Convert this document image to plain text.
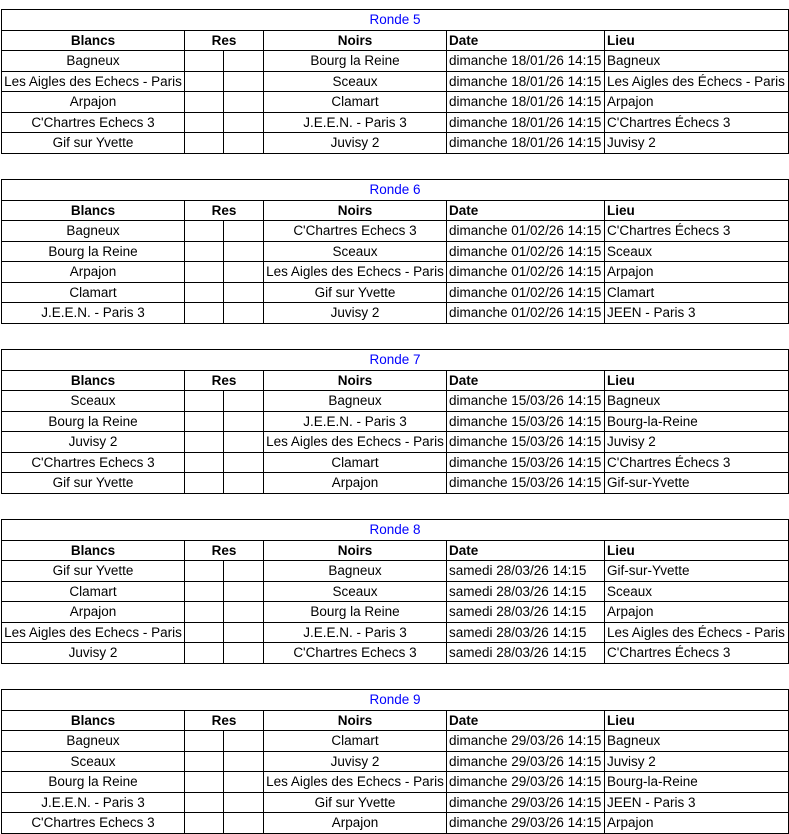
Ronde 5					
Blancs	Res		Noirs	Date	Lieu
Bagneux			Bourg la Reine	dimanche 18/01/26 14:15	Bagneux
Les Aigles des Echecs - Paris			Sceaux	dimanche 18/01/26 14:15	Les Aigles des Échecs - Paris
Arpajon			Clamart	dimanche 18/01/26 14:15	Arpajon
C'Chartres Echecs 3			J.E.E.N. - Paris 3	dimanche 18/01/26 14:15	C'Chartres Échecs 3
Gif sur Yvette			Juvisy 2	dimanche 18/01/26 14:15	Juvisy 2
Ronde 6					
Blancs	Res		Noirs	Date	Lieu
Bagneux			C'Chartres Echecs 3	dimanche 01/02/26 14:15	C'Chartres Échecs 3
Bourg la Reine			Sceaux	dimanche 01/02/26 14:15	Sceaux
Arpajon			Les Aigles des Echecs - Paris	dimanche 01/02/26 14:15	Arpajon
Clamart			Gif sur Yvette	dimanche 01/02/26 14:15	Clamart
J.E.E.N. - Paris 3			Juvisy 2	dimanche 01/02/26 14:15	JEEN - Paris 3
Ronde 7					
Blancs	Res		Noirs	Date	Lieu
Sceaux			Bagneux	dimanche 15/03/26 14:15	Bagneux
Bourg la Reine			J.E.E.N. - Paris 3	dimanche 15/03/26 14:15	Bourg-la-Reine
Juvisy 2			Les Aigles des Echecs - Paris	dimanche 15/03/26 14:15	Juvisy 2
C'Chartres Echecs 3			Clamart	dimanche 15/03/26 14:15	C'Chartres Échecs 3
Gif sur Yvette			Arpajon	dimanche 15/03/26 14:15	Gif-sur-Yvette
Ronde 8					
Blancs	Res		Noirs	Date	Lieu
Gif sur Yvette			Bagneux	samedi 28/03/26 14:15	Gif-sur-Yvette
Clamart			Sceaux	samedi 28/03/26 14:15	Sceaux
Arpajon			Bourg la Reine	samedi 28/03/26 14:15	Arpajon
Les Aigles des Echecs - Paris			J.E.E.N. - Paris 3	samedi 28/03/26 14:15	Les Aigles des Échecs - Paris
Juvisy 2			C'Chartres Echecs 3	samedi 28/03/26 14:15	C'Chartres Échecs 3
Ronde 9					
Blancs	Res		Noirs	Date	Lieu
Bagneux			Clamart	dimanche 29/03/26 14:15	Bagneux
Sceaux			Juvisy 2	dimanche 29/03/26 14:15	Juvisy 2
Bourg la Reine			Les Aigles des Echecs - Paris	dimanche 29/03/26 14:15	Bourg-la-Reine
J.E.E.N. - Paris 3			Gif sur Yvette	dimanche 29/03/26 14:15	JEEN - Paris 3
C'Chartres Echecs 3			Arpajon	dimanche 29/03/26 14:15	Arpajon
